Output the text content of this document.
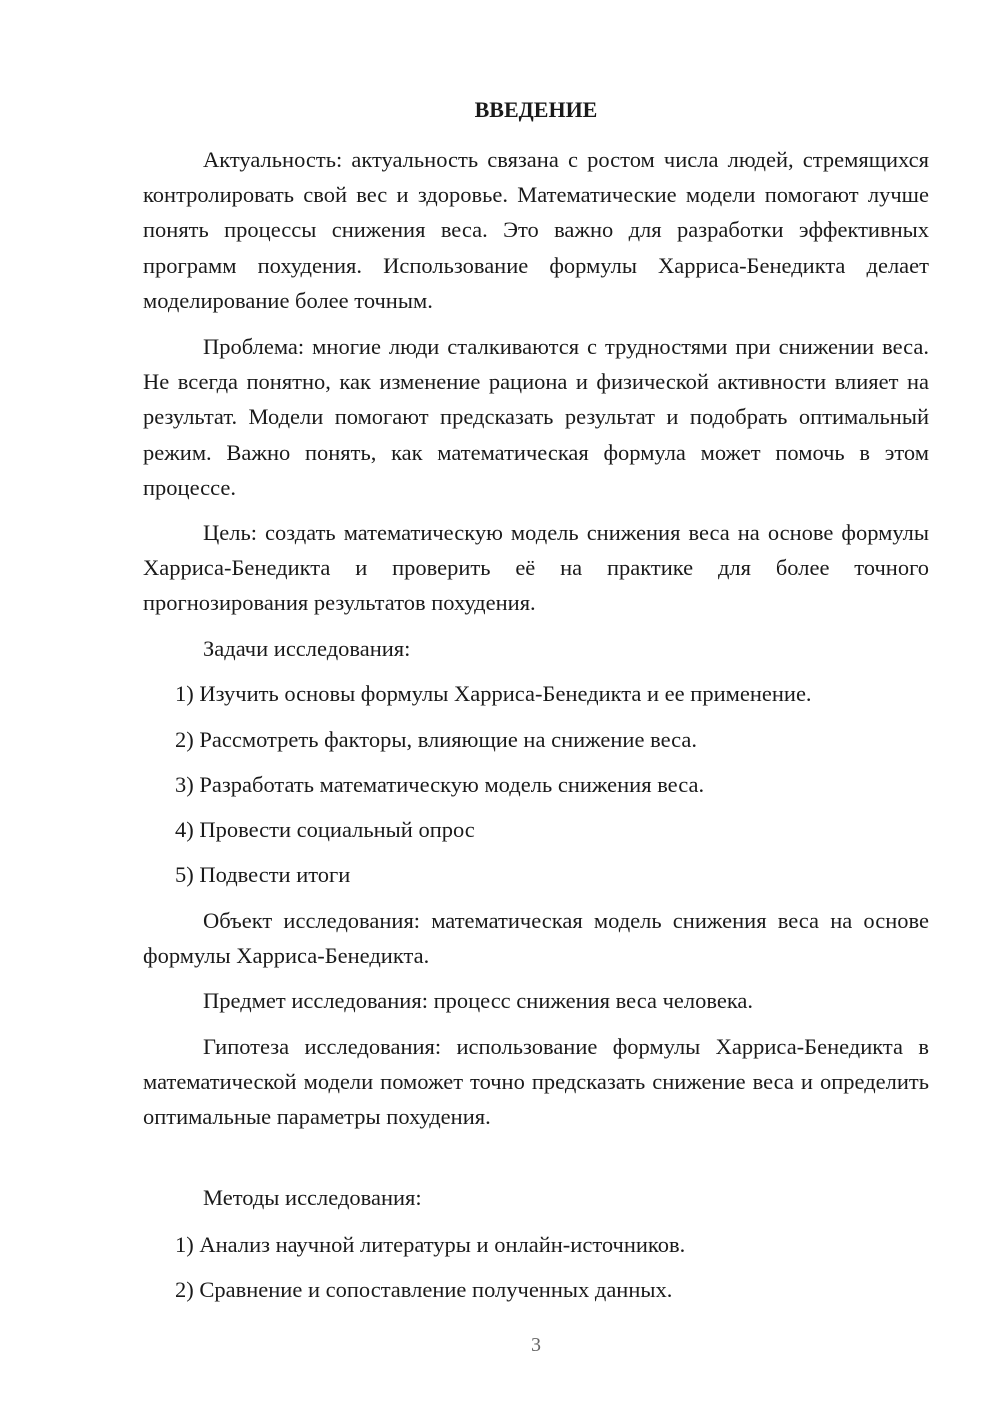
ВВЕДЕНИЕ

Актуальность: актуальность связана с ростом числа людей, стремящихся контролировать свой вес и здоровье. Математические модели помогают лучше понять процессы снижения веса. Это важно для разработки эффективных программ похудения. Использование формулы Харриса-Бенедикта делает моделирование более точным.

Проблема: многие люди сталкиваются с трудностями при снижении веса. Не всегда понятно, как изменение рациона и физической активности влияет на результат. Модели помогают предсказать результат и подобрать оптимальный режим. Важно понять, как математическая формула может помочь в этом процессе.

Цель: создать математическую модель снижения веса на основе формулы Харриса-Бенедикта и проверить её на практике для более точного прогнозирования результатов похудения.

Задачи исследования:

1) Изучить основы формулы Харриса-Бенедикта и ее применение.

2) Рассмотреть факторы, влияющие на снижение веса.

3) Разработать математическую модель снижения веса.

4) Провести социальный опрос

5) Подвести итоги

Объект исследования: математическая модель снижения веса на основе формулы Харриса-Бенедикта.

Предмет исследования: процесс снижения веса человека.

Гипотеза исследования: использование формулы Харриса-Бенедикта в математической модели поможет точно предсказать снижение веса и определить оптимальные параметры похудения.

Методы исследования:

1) Анализ научной литературы и онлайн-источников.

2) Сравнение и сопоставление полученных данных.

3
